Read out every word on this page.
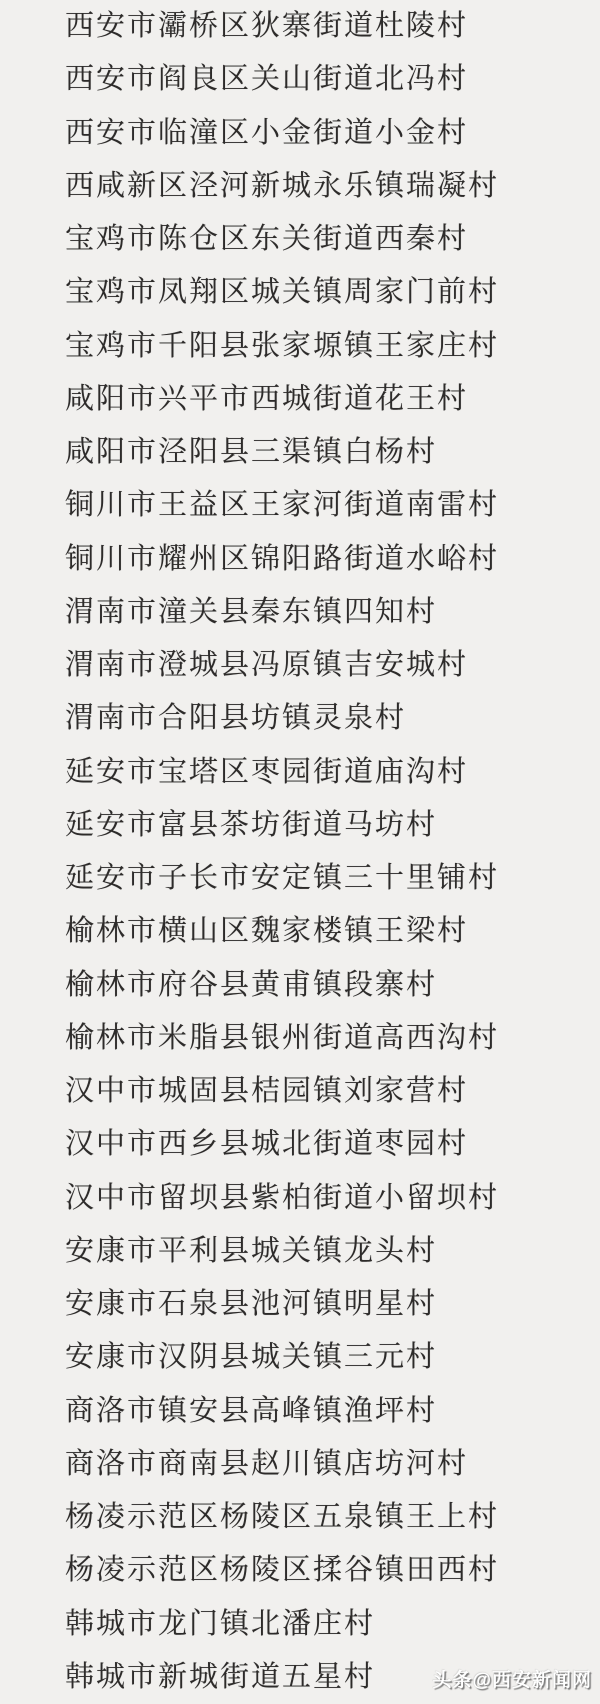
西安市灞桥区狄寨街道杜陵村
西安市阎良区关山街道北冯村
西安市临潼区小金街道小金村
西咸新区泾河新城永乐镇瑞凝村
宝鸡市陈仓区东关街道西秦村
宝鸡市凤翔区城关镇周家门前村
宝鸡市千阳县张家塬镇王家庄村
咸阳市兴平市西城街道花王村
咸阳市泾阳县三渠镇白杨村
铜川市王益区王家河街道南雷村
铜川市耀州区锦阳路街道水峪村
渭南市潼关县秦东镇四知村
渭南市澄城县冯原镇吉安城村
渭南市合阳县坊镇灵泉村
延安市宝塔区枣园街道庙沟村
延安市富县茶坊街道马坊村
延安市子长市安定镇三十里铺村
榆林市横山区魏家楼镇王梁村
榆林市府谷县黄甫镇段寨村
榆林市米脂县银州街道高西沟村
汉中市城固县桔园镇刘家营村
汉中市西乡县城北街道枣园村
汉中市留坝县紫柏街道小留坝村
安康市平利县城关镇龙头村
安康市石泉县池河镇明星村
安康市汉阴县城关镇三元村
商洛市镇安县高峰镇渔坪村
商洛市商南县赵川镇店坊河村
杨凌示范区杨陵区五泉镇王上村
杨凌示范区杨陵区揉谷镇田西村
韩城市龙门镇北潘庄村
韩城市新城街道五星村	头条@西安新闻网
